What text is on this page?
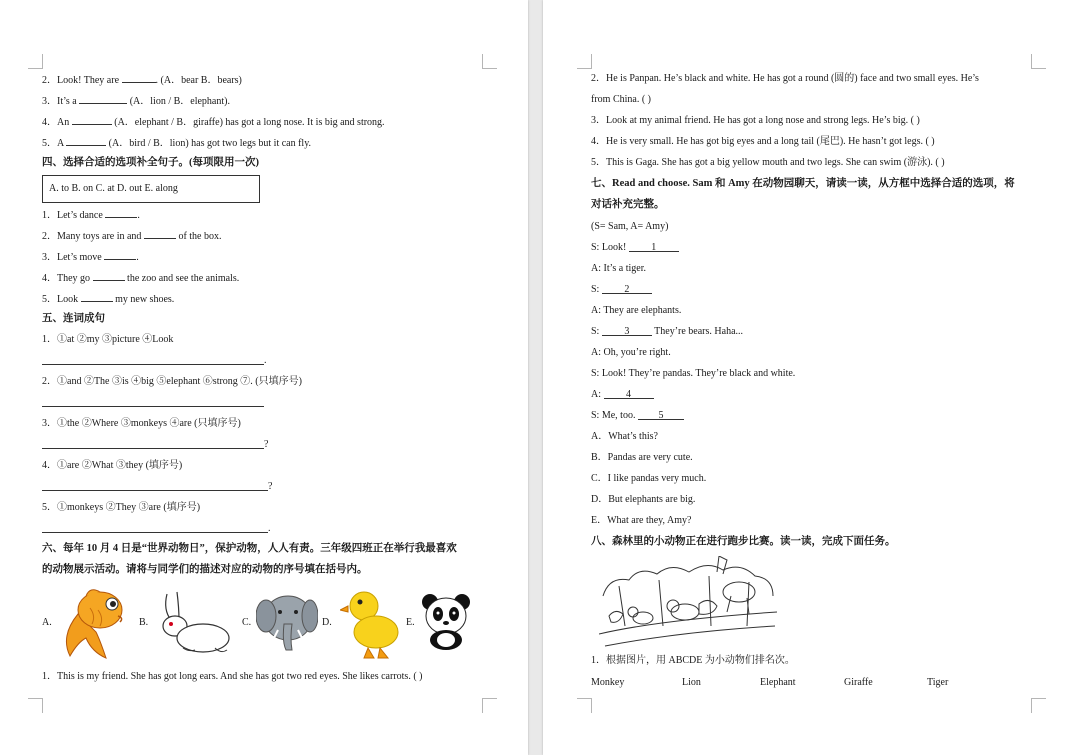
2．Look! They are	. (A．bear B．bears)
3．It’s a	(A．lion / B．elephant).
4．An	(A．elephant / B．giraffe) has got a long nose. It is big and strong.
5．A	(A．bird / B．lion) has got two legs but it can fly.
四、选择合适的选项补全句子。(每项限用一次)
A. to B. on C. at D. out E. along
1．Let’s dance	.
2．Many toys are in and	of the box.
3．Let’s move	.
4．They go	the zoo and see the animals.
5．Look	my new shoes.
五、连词成句
1．①at ②my ③picture ④Look
.
2．①and ②The ③is ④big ⑤elephant ⑥strong ⑦. (只填序号)
3．①the ②Where ③monkeys ④are (只填序号)
?
4．①are ②What ③they (填序号)
?
5．①monkeys ②They ③are (填序号)
.
六、每年 10 月 4 日是“世界动物日”，保护动物，人人有责。三年级四班正在举行我最喜欢
的动物展示活动。请将与同学们的描述对应的动物的序号填在括号内。
A.	B.	C.	D.	E.
1．This is my friend. She has got long ears. And she has got two red eyes. She likes carrots. ( )
2．He is Panpan. He’s black and white. He has got a round (圆的) face and two small eyes. He’s
from China. ( )
3．Look at my animal friend. He has got a long nose and strong legs. He’s big. ( )
4．He is very small. He has got big eyes and a long tail (尾巴). He hasn’t got legs. ( )
5．This is Gaga. She has got a big yellow mouth and two legs. She can swim (游泳). ( )
七、Read and choose. Sam 和 Amy 在动物园聊天，请读一读，从方框中选择合适的选项，将
对话补充完整。
(S= Sam, A= Amy)
S: Look! 1
A: It’s a tiger.
S: 2
A: They are elephants.
S: 3 They’re bears. Haha...
A: Oh, you’re right.
S: Look! They’re pandas. They’re black and white.
A: 4
S: Me, too. 5
A．What’s this?
B．Pandas are very cute.
C．I like pandas very much.
D．But elephants are big.
E．What are they, Amy?
八、森林里的小动物正在进行跑步比赛。读一读，完成下面任务。
1．根据图片，用 ABCDE 为小动物们排名次。
Monkey	Lion	Elephant	Giraffe	Tiger
